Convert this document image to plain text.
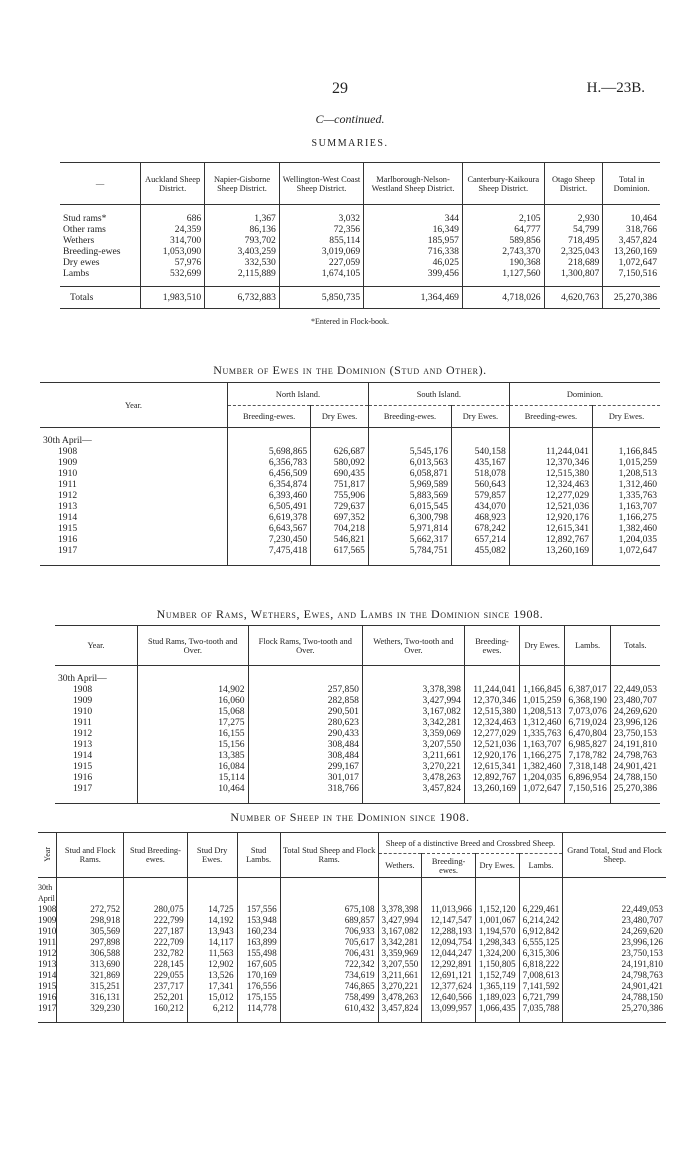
29	H.—23B.
C—continued.
SUMMARIES.
—	Auckland Sheep District.	Napier-Gisborne Sheep District.	Wellington-West Coast Sheep District.	Marlborough-Nelson-Westland Sheep District.	Canterbury-Kaikoura Sheep District.	Otago Sheep District.	Total in Dominion.

Stud rams*	686	1,367	3,032	344	2,105	2,930	10,464
Other rams	24,359	86,136	72,356	16,349	64,777	54,799	318,766
Wethers	314,700	793,702	855,114	185,957	589,856	718,495	3,457,824
Breeding-ewes	1,053,090	3,403,259	3,019,069	716,338	2,743,370	2,325,043	13,260,169
Dry ewes	57,976	332,530	227,059	46,025	190,368	218,689	1,072,647
Lambs	532,699	2,115,889	1,674,105	399,456	1,127,560	1,300,807	7,150,516

Totals	1,983,510	6,732,883	5,850,735	1,364,469	4,718,026	4,620,763	25,270,386
*Entered in Flock-book.
Number of Ewes in the Dominion (Stud and Other).
Year.	North Island.		South Island.		Dominion.	
	Breeding-ewes.	Dry Ewes.	Breeding-ewes.	Dry Ewes.	Breeding-ewes.	Dry Ewes.
30th April—						
1908	5,698,865	626,687	5,545,176	540,158	11,244,041	1,166,845
1909	6,356,783	580,092	6,013,563	435,167	12,370,346	1,015,259
1910	6,456,509	690,435	6,058,871	518,078	12,515,380	1,208,513
1911	6,354,874	751,817	5,969,589	560,643	12,324,463	1,312,460
1912	6,393,460	755,906	5,883,569	579,857	12,277,029	1,335,763
1913	6,505,491	729,637	6,015,545	434,070	12,521,036	1,163,707
1914	6,619,378	697,352	6,300,798	468,923	12,920,176	1,166,275
1915	6,643,567	704,218	5,971,814	678,242	12,615,341	1,382,460
1916	7,230,450	546,821	5,662,317	657,214	12,892,767	1,204,035
1917	7,475,418	617,565	5,784,751	455,082	13,260,169	1,072,647

Number of Rams, Wethers, Ewes, and Lambs in the Dominion since 1908.
Year.	Stud Rams, Two-tooth and Over.	Flock Rams, Two-tooth and Over.	Wethers, Two-tooth and Over.	Breeding-ewes.	Dry Ewes.	Lambs.	Totals.
30th April—							
1908	14,902	257,850	3,378,398	11,244,041	1,166,845	6,387,017	22,449,053
1909	16,060	282,858	3,427,994	12,370,346	1,015,259	6,368,190	23,480,707
1910	15,068	290,501	3,167,082	12,515,380	1,208,513	7,073,076	24,269,620
1911	17,275	280,623	3,342,281	12,324,463	1,312,460	6,719,024	23,996,126
1912	16,155	290,433	3,359,069	12,277,029	1,335,763	6,470,804	23,750,153
1913	15,156	308,484	3,207,550	12,521,036	1,163,707	6,985,827	24,191,810
1914	13,385	308,484	3,211,661	12,920,176	1,166,275	7,178,782	24,798,763
1915	16,084	299,167	3,270,221	12,615,341	1,382,460	7,318,148	24,901,421
1916	15,114	301,017	3,478,263	12,892,767	1,204,035	6,896,954	24,788,150
1917	10,464	318,766	3,457,824	13,260,169	1,072,647	7,150,516	25,270,386

Number of Sheep in the Dominion since 1908.
Year	Stud and Flock Rams.	Stud Breeding-ewes.	Stud Dry Ewes.	Stud Lambs.	Total Stud Sheep and Flock Rams.	Sheep of a distinctive Breed and Crossbred Sheep.				Grand Total, Stud and Flock Sheep.
						Wethers.	Breeding-ewes.	Dry Ewes.	Lambs.	
30th										
April										
1908	272,752	280,075	14,725	157,556	675,108	3,378,398	11,013,966	1,152,120	6,229,461	22,449,053
1909	298,918	222,799	14,192	153,948	689,857	3,427,994	12,147,547	1,001,067	6,214,242	23,480,707
1910	305,569	227,187	13,943	160,234	706,933	3,167,082	12,288,193	1,194,570	6,912,842	24,269,620
1911	297,898	222,709	14,117	163,899	705,617	3,342,281	12,094,754	1,298,343	6,555,125	23,996,126
1912	306,588	232,782	11,563	155,498	706,431	3,359,969	12,044,247	1,324,200	6,315,306	23,750,153
1913	313,690	228,145	12,902	167,605	722,342	3,207,550	12,292,891	1,150,805	6,818,222	24,191,810
1914	321,869	229,055	13,526	170,169	734,619	3,211,661	12,691,121	1,152,749	7,008,613	24,798,763
1915	315,251	237,717	17,341	176,556	746,865	3,270,221	12,377,624	1,365,119	7,141,592	24,901,421
1916	316,131	252,201	15,012	175,155	758,499	3,478,263	12,640,566	1,189,023	6,721,799	24,788,150
1917	329,230	160,212	6,212	114,778	610,432	3,457,824	13,099,957	1,066,435	7,035,788	25,270,386
